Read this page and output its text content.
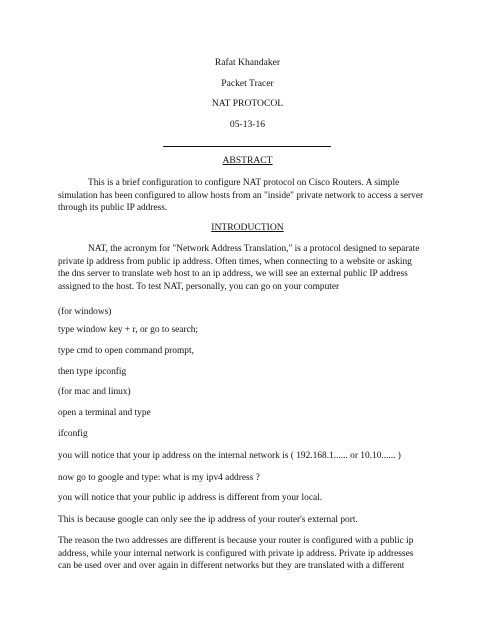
Rafat Khandaker
Packet Tracer
NAT PROTOCOL
05-13-16
ABSTRACT
This is a brief configuration to configure NAT protocol on Cisco Routers. A simple
simulation has been configured to allow hosts from an "inside" private network to access a server
through its public IP address.
INTRODUCTION
NAT, the acronym for "Network Address Translation," is a protocol designed to separate
private ip address from public ip address. Often times, when connecting to a website or asking
the dns server to translate web host to an ip address, we will see an external public IP address
assigned to the host. To test NAT, personally, you can go on your computer
(for windows)
type window key + r, or go to search;
type cmd to open command prompt,
then type ipconfig
(for mac and linux)
open a terminal and type
ifconfig
you will notice that your ip address on the internal network is ( 192.168.1...... or 10.10...... )
now go to google and type: what is my ipv4 address ?
you will notice that your public ip address is different from your local.
This is because google can only see the ip address of your router's external port.
The reason the two addresses are different is because your router is configured with a public ip
address, while your internal network is configured with private ip address. Private ip addresses
can be used over and over again in different networks but they are translated with a different
